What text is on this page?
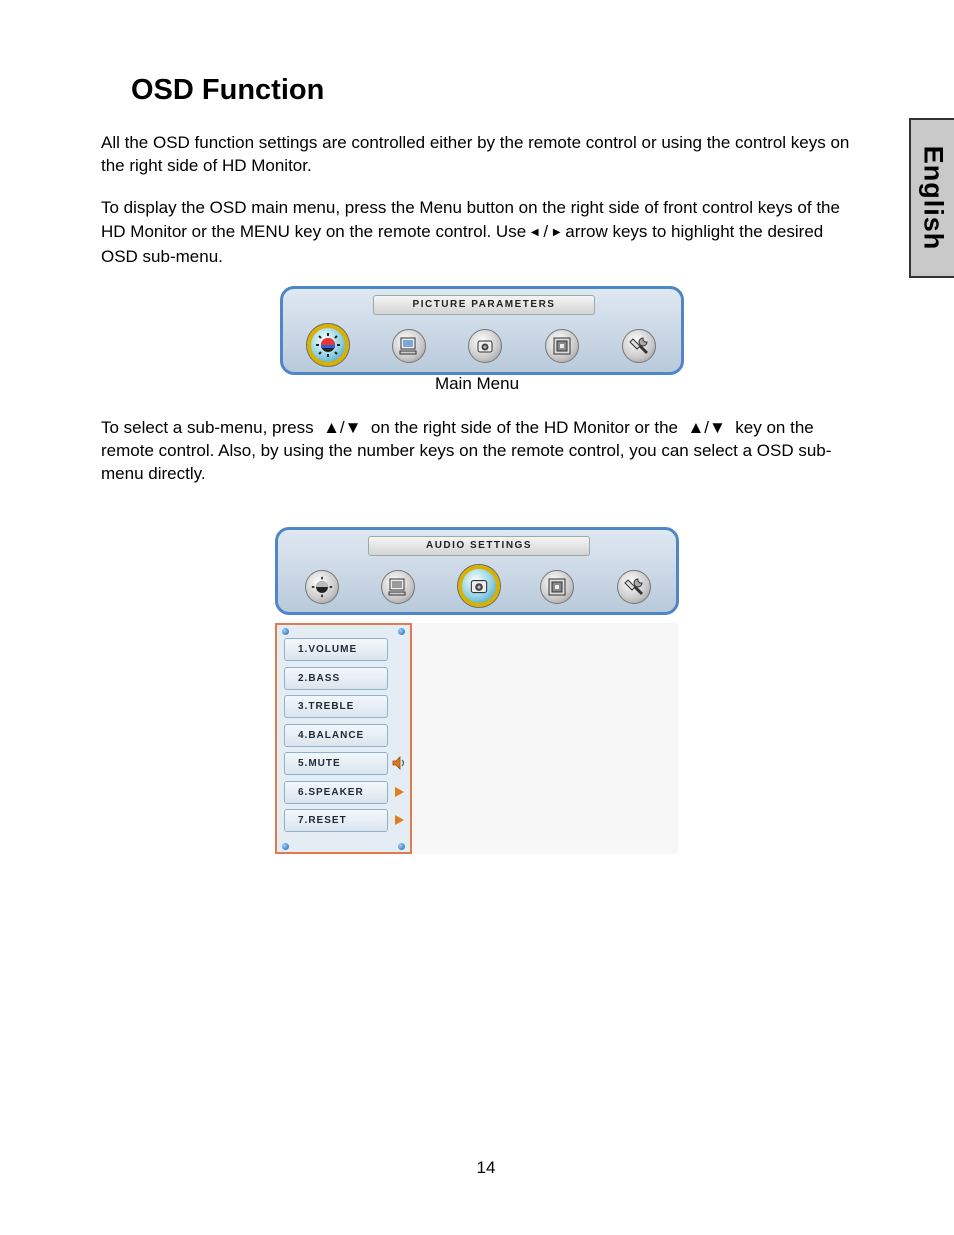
OSD Function
English

All the OSD function settings are controlled either by the remote control or using the control keys on the right side of HD Monitor.

To display the OSD main menu, press the Menu button on the right side of front control keys of the HD Monitor or the MENU key on the remote control. Use ◀ / ▶ arrow keys to highlight the desired OSD sub-menu.

PICTURE PARAMETERS
Main Menu

To select a sub-menu, press ▲/▼ on the right side of the HD Monitor or the ▲/▼ key on the remote control. Also, by using the number keys on the remote control, you can select a OSD sub-menu directly.

AUDIO SETTINGS
1.VOLUME
2.BASS
3.TREBLE
4.BALANCE
5.MUTE
6.SPEAKER
7.RESET
14
